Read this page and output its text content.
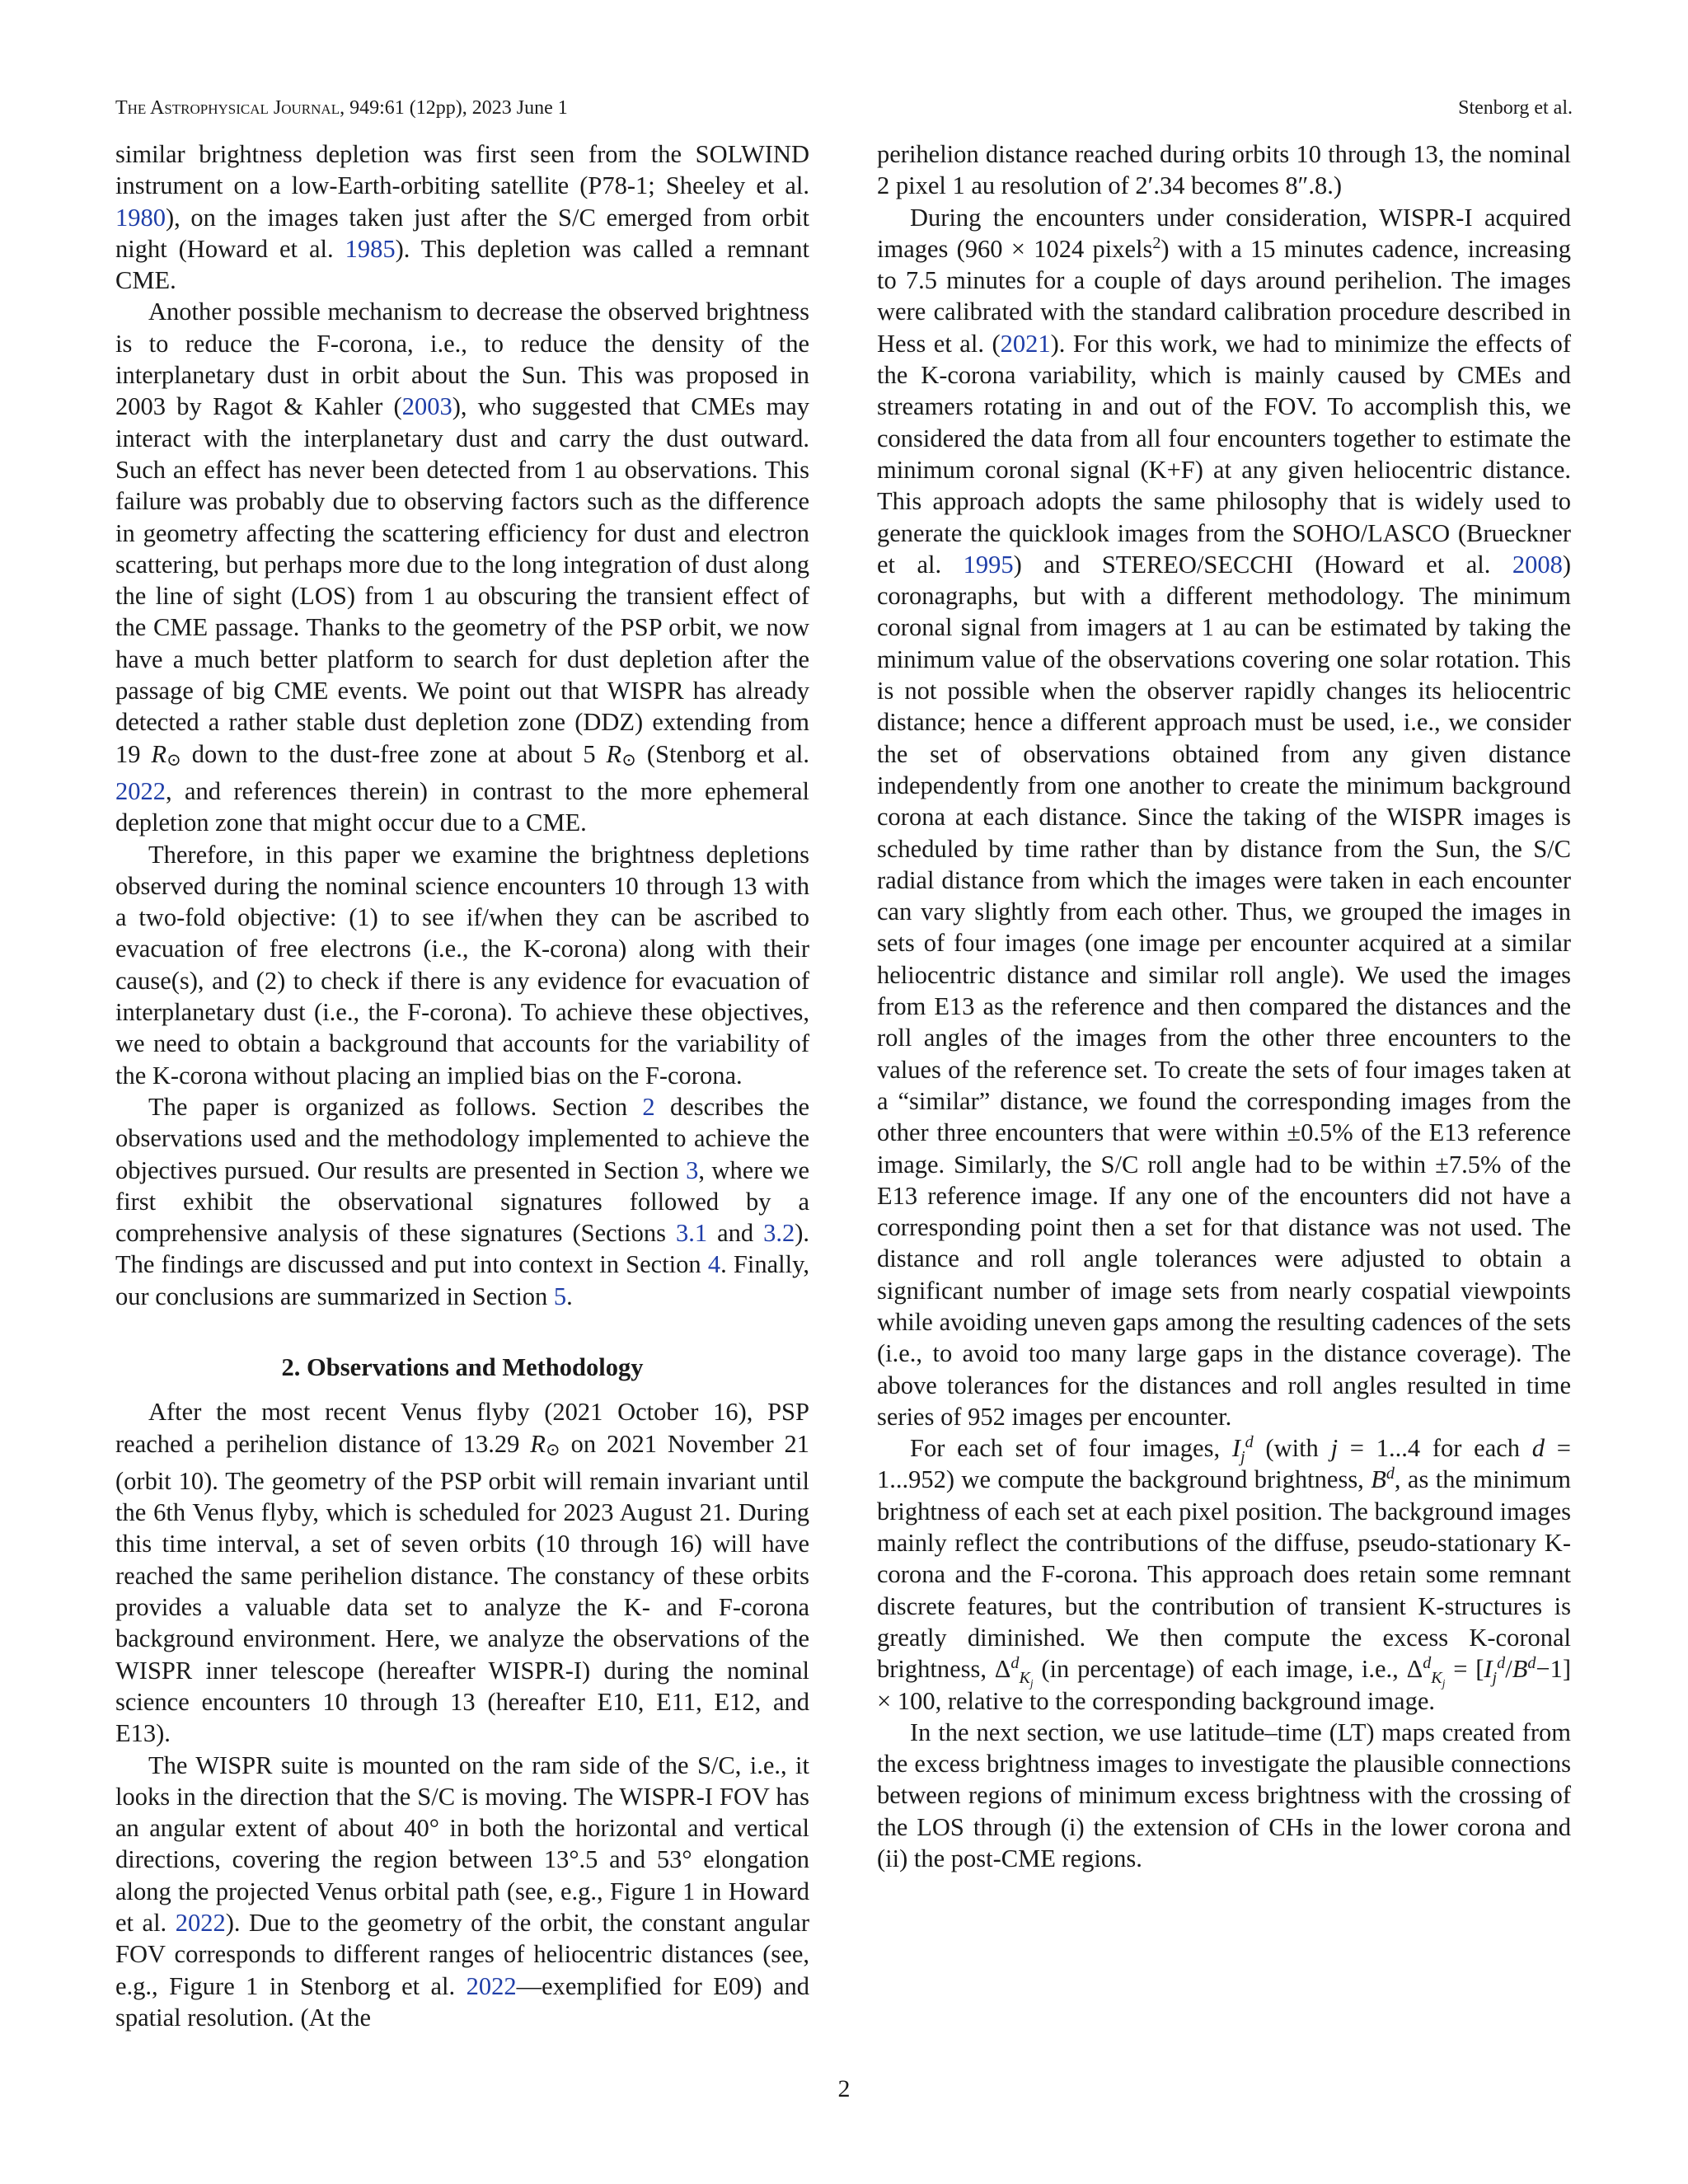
The Astrophysical Journal, 949:61 (12pp), 2023 June 1	Stenborg et al.

similar brightness depletion was first seen from the SOLWIND instrument on a low-Earth-orbiting satellite (P78-1; Sheeley et al. 1980), on the images taken just after the S/C emerged from orbit night (Howard et al. 1985). This depletion was called a remnant CME.

Another possible mechanism to decrease the observed brightness is to reduce the F-corona, i.e., to reduce the density of the interplanetary dust in orbit about the Sun. This was proposed in 2003 by Ragot & Kahler (2003), who suggested that CMEs may interact with the interplanetary dust and carry the dust outward. Such an effect has never been detected from 1 au observations. This failure was probably due to observing factors such as the difference in geometry affecting the scattering efficiency for dust and electron scattering, but perhaps more due to the long integration of dust along the line of sight (LOS) from 1 au obscuring the transient effect of the CME passage. Thanks to the geometry of the PSP orbit, we now have a much better platform to search for dust depletion after the passage of big CME events. We point out that WISPR has already detected a rather stable dust depletion zone (DDZ) extending from 19 R⊙ down to the dust-free zone at about 5 R⊙ (Stenborg et al. 2022, and references therein) in contrast to the more ephemeral depletion zone that might occur due to a CME.

Therefore, in this paper we examine the brightness depletions observed during the nominal science encounters 10 through 13 with a two-fold objective: (1) to see if/when they can be ascribed to evacuation of free electrons (i.e., the K-corona) along with their cause(s), and (2) to check if there is any evidence for evacuation of interplanetary dust (i.e., the F-corona). To achieve these objectives, we need to obtain a background that accounts for the variability of the K-corona without placing an implied bias on the F-corona.

The paper is organized as follows. Section 2 describes the observations used and the methodology implemented to achieve the objectives pursued. Our results are presented in Section 3, where we first exhibit the observational signatures followed by a comprehensive analysis of these signatures (Sections 3.1 and 3.2). The findings are discussed and put into context in Section 4. Finally, our conclusions are summarized in Section 5.

2. Observations and Methodology

After the most recent Venus flyby (2021 October 16), PSP reached a perihelion distance of 13.29 R⊙ on 2021 November 21 (orbit 10). The geometry of the PSP orbit will remain invariant until the 6th Venus flyby, which is scheduled for 2023 August 21. During this time interval, a set of seven orbits (10 through 16) will have reached the same perihelion distance. The constancy of these orbits provides a valuable data set to analyze the K- and F-corona background environment. Here, we analyze the observations of the WISPR inner telescope (hereafter WISPR-I) during the nominal science encounters 10 through 13 (hereafter E10, E11, E12, and E13).

The WISPR suite is mounted on the ram side of the S/C, i.e., it looks in the direction that the S/C is moving. The WISPR-I FOV has an angular extent of about 40° in both the horizontal and vertical directions, covering the region between 13°.5 and 53° elongation along the projected Venus orbital path (see, e.g., Figure 1 in Howard et al. 2022). Due to the geometry of the orbit, the constant angular FOV corresponds to different ranges of heliocentric distances (see, e.g., Figure 1 in Stenborg et al. 2022—exemplified for E09) and spatial resolution. (At the

perihelion distance reached during orbits 10 through 13, the nominal 2 pixel 1 au resolution of 2′.34 becomes 8″.8.)

During the encounters under consideration, WISPR-I acquired images (960 × 1024 pixels$^2$) with a 15 minutes cadence, increasing to 7.5 minutes for a couple of days around perihelion. The images were calibrated with the standard calibration procedure described in Hess et al. (2021). For this work, we had to minimize the effects of the K-corona variability, which is mainly caused by CMEs and streamers rotating in and out of the FOV. To accomplish this, we considered the data from all four encounters together to estimate the minimum coronal signal (K+F) at any given heliocentric distance. This approach adopts the same philosophy that is widely used to generate the quicklook images from the SOHO/LASCO (Brueckner et al. 1995) and STEREO/SECCHI (Howard et al. 2008) coronagraphs, but with a different methodology. The minimum coronal signal from imagers at 1 au can be estimated by taking the minimum value of the observations covering one solar rotation. This is not possible when the observer rapidly changes its heliocentric distance; hence a different approach must be used, i.e., we consider the set of observations obtained from any given distance independently from one another to create the minimum background corona at each distance. Since the taking of the WISPR images is scheduled by time rather than by distance from the Sun, the S/C radial distance from which the images were taken in each encounter can vary slightly from each other. Thus, we grouped the images in sets of four images (one image per encounter acquired at a similar heliocentric distance and similar roll angle). We used the images from E13 as the reference and then compared the distances and the roll angles of the images from the other three encounters to the values of the reference set. To create the sets of four images taken at a “similar” distance, we found the corresponding images from the other three encounters that were within ±0.5% of the E13 reference image. Similarly, the S/C roll angle had to be within ±7.5% of the E13 reference image. If any one of the encounters did not have a corresponding point then a set for that distance was not used. The distance and roll angle tolerances were adjusted to obtain a significant number of image sets from nearly cospatial viewpoints while avoiding uneven gaps among the resulting cadences of the sets (i.e., to avoid too many large gaps in the distance coverage). The above tolerances for the distances and roll angles resulted in time series of 952 images per encounter.

For each set of four images, $I_j^d$ (with j = 1...4 for each d = 1...952) we compute the background brightness, $B^d$, as the minimum brightness of each set at each pixel position. The background images mainly reflect the contributions of the diffuse, pseudo-stationary K-corona and the F-corona. This approach does retain some remnant discrete features, but the contribution of transient K-structures is greatly diminished. We then compute the excess K-coronal brightness, $\Delta^d_{K_j}$ (in percentage) of each image, i.e., $\Delta^d_{K_j} = [I_j^d/B^d-1] \times 100$, relative to the corresponding background image.

In the next section, we use latitude–time (LT) maps created from the excess brightness images to investigate the plausible connections between regions of minimum excess brightness with the crossing of the LOS through (i) the extension of CHs in the lower corona and (ii) the post-CME regions.

2
